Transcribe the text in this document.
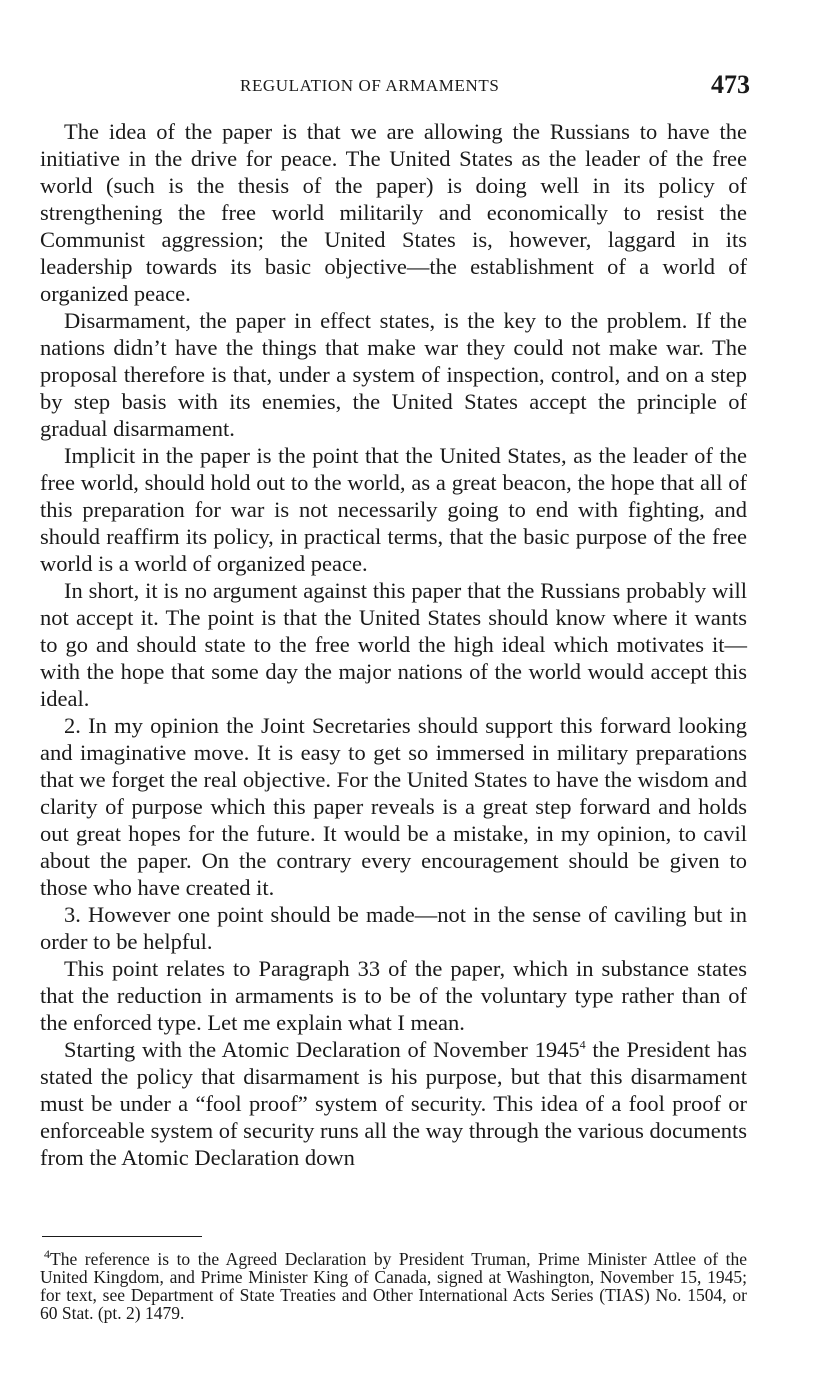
REGULATION OF ARMAMENTS	473

The idea of the paper is that we are allowing the Russians to have the initiative in the drive for peace. The United States as the leader of the free world (such is the thesis of the paper) is doing well in its policy of strengthening the free world militarily and economically to resist the Communist aggression; the United States is, however, laggard in its leadership towards its basic objective—the establishment of a world of organized peace.

Disarmament, the paper in effect states, is the key to the problem. If the nations didn’t have the things that make war they could not make war. The proposal therefore is that, under a system of inspection, control, and on a step by step basis with its enemies, the United States accept the principle of gradual disarmament.

Implicit in the paper is the point that the United States, as the leader of the free world, should hold out to the world, as a great beacon, the hope that all of this preparation for war is not necessarily going to end with fighting, and should reaffirm its policy, in practical terms, that the basic purpose of the free world is a world of organized peace.

In short, it is no argument against this paper that the Russians probably will not accept it. The point is that the United States should know where it wants to go and should state to the free world the high ideal which motivates it—with the hope that some day the major nations of the world would accept this ideal.

2. In my opinion the Joint Secretaries should support this forward looking and imaginative move. It is easy to get so immersed in military preparations that we forget the real objective. For the United States to have the wisdom and clarity of purpose which this paper reveals is a great step forward and holds out great hopes for the future. It would be a mistake, in my opinion, to cavil about the paper. On the contrary every encouragement should be given to those who have created it.

3. However one point should be made—not in the sense of caviling but in order to be helpful.

This point relates to Paragraph 33 of the paper, which in substance states that the reduction in armaments is to be of the voluntary type rather than of the enforced type. Let me explain what I mean.

Starting with the Atomic Declaration of November 1945$^4$ the President has stated the policy that disarmament is his purpose, but that this disarmament must be under a “fool proof” system of security. This idea of a fool proof or enforceable system of security runs all the way through the various documents from the Atomic Declaration down

$^4$The reference is to the Agreed Declaration by President Truman, Prime Minister Attlee of the United Kingdom, and Prime Minister King of Canada, signed at Washington, November 15, 1945; for text, see Department of State Treaties and Other International Acts Series (TIAS) No. 1504, or 60 Stat. (pt. 2) 1479.
